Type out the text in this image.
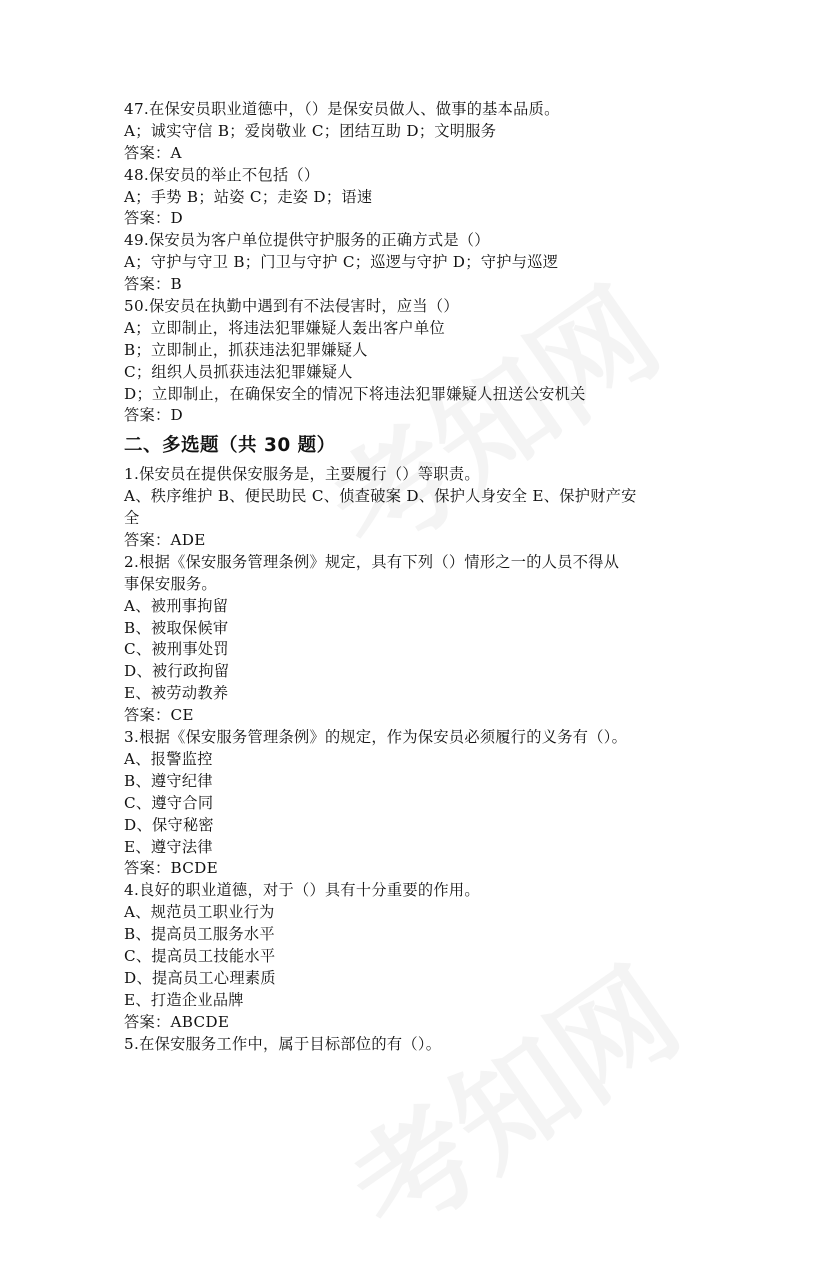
47.在保安员职业道德中，（）是保安员做人、做事的基本品质。
A；诚实守信 B；爱岗敬业 C；团结互助 D；文明服务
答案：A
48.保安员的举止不包括（）
A；手势 B；站姿 C；走姿 D；语速
答案：D
49.保安员为客户单位提供守护服务的正确方式是（）
A；守护与守卫 B；门卫与守护 C；巡逻与守护 D；守护与巡逻
答案：B
50.保安员在执勤中遇到有不法侵害时，应当（）
A；立即制止，将违法犯罪嫌疑人轰出客户单位
B；立即制止，抓获违法犯罪嫌疑人
C；组织人员抓获违法犯罪嫌疑人
D；立即制止，在确保安全的情况下将违法犯罪嫌疑人扭送公安机关
答案：D
二、多选题（共 30 题）
1.保安员在提供保安服务是，主要履行（）等职责。
A、秩序维护 B、便民助民 C、侦查破案 D、保护人身安全 E、保护财产安
全
答案：ADE
2.根据《保安服务管理条例》规定，具有下列（）情形之一的人员不得从
事保安服务。
A、被刑事拘留
B、被取保候审
C、被刑事处罚
D、被行政拘留
E、被劳动教养
答案：CE
3.根据《保安服务管理条例》的规定，作为保安员必须履行的义务有（）。
A、报警监控
B、遵守纪律
C、遵守合同
D、保守秘密
E、遵守法律
答案：BCDE
4.良好的职业道德，对于（）具有十分重要的作用。
A、规范员工职业行为
B、提高员工服务水平
C、提高员工技能水平
D、提高员工心理素质
E、打造企业品牌
答案：ABCDE
5.在保安服务工作中，属于目标部位的有（）。
